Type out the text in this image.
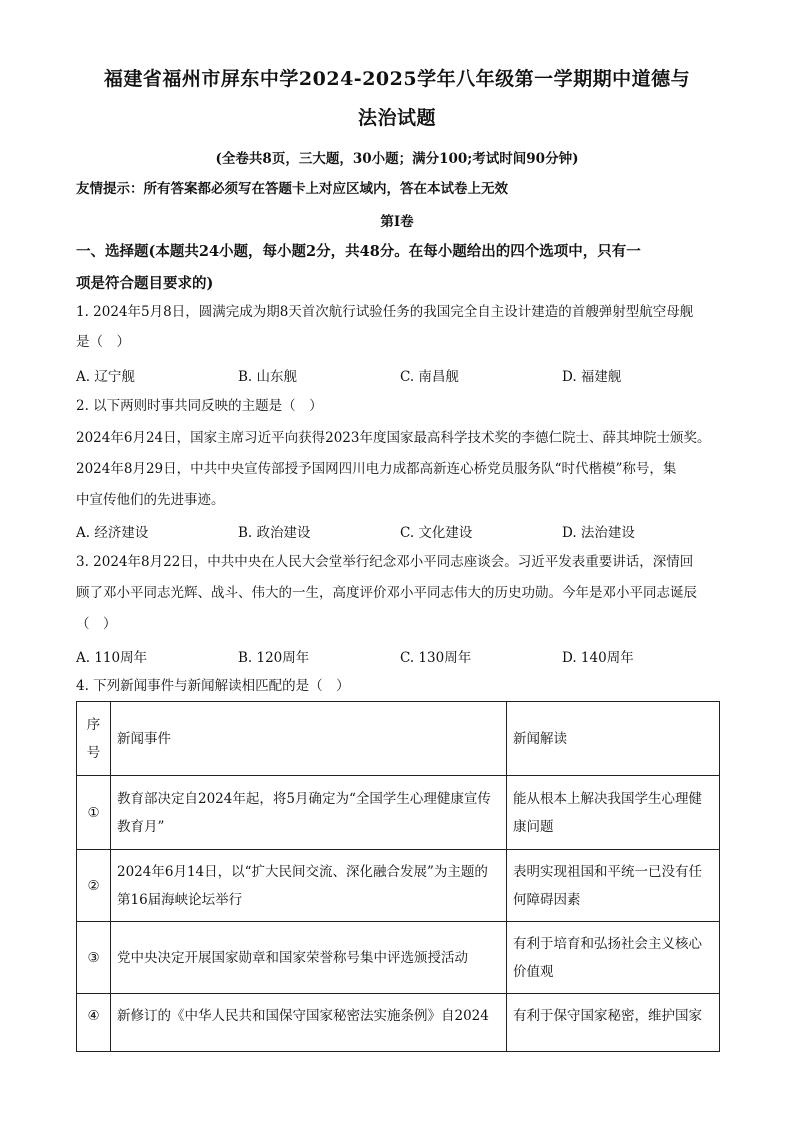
福建省福州市屏东中学2024-2025学年八年级第一学期期中道德与
法治试题
(全卷共8页，三大题，30小题；满分100;考试时间90分钟)
友情提示：所有答案都必须写在答题卡上对应区域内，答在本试卷上无效
第Ⅰ卷
一、选择题(本题共24小题，每小题2分，共48分。在每小题给出的四个选项中，只有一
项是符合题目要求的)
1. 2024年5月8日，圆满完成为期8天首次航行试验任务的我国完全自主设计建造的首艘弹射型航空母舰
是（　）
A. 辽宁舰	B. 山东舰	C. 南昌舰	D. 福建舰
2. 以下两则时事共同反映的主题是（　）
2024年6月24日，国家主席习近平向获得2023年度国家最高科学技术奖的李德仁院士、薛其坤院士颁奖。
2024年8月29日，中共中央宣传部授予国网四川电力成都高新连心桥党员服务队“时代楷模”称号，集
中宣传他们的先进事迹。
A. 经济建设	B. 政治建设	C. 文化建设	D. 法治建设
3. 2024年8月22日，中共中央在人民大会堂举行纪念邓小平同志座谈会。习近平发表重要讲话，深情回
顾了邓小平同志光辉、战斗、伟大的一生，高度评价邓小平同志伟大的历史功勋。今年是邓小平同志诞辰
（　）
A. 110周年	B. 120周年	C. 130周年	D. 140周年
4. 下列新闻事件与新闻解读相匹配的是（　）
序号	新闻事件	新闻解读
①	教育部决定自2024年起，将5月确定为“全国学生心理健康宣传教育月”	能从根本上解决我国学生心理健康问题
②	2024年6月14日，以“扩大民间交流、深化融合发展”为主题的第16届海峡论坛举行	表明实现祖国和平统一已没有任何障碍因素
③	党中央决定开展国家勋章和国家荣誉称号集中评选颁授活动	有利于培育和弘扬社会主义核心价值观
④	新修订的《中华人民共和国保守国家秘密法实施条例》自2024	有利于保守国家秘密，维护国家
